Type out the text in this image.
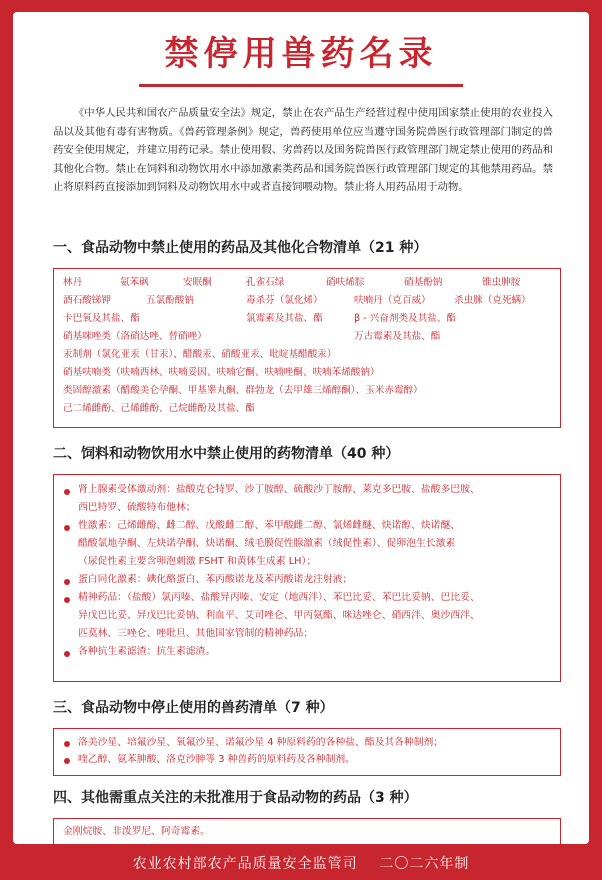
禁停用兽药名录
《中华人民共和国农产品质量安全法》规定，禁止在农产品生产经营过程中使用国家禁止使用的农业投入品以及其他有毒有害物质。《兽药管理条例》规定，兽药使用单位应当遵守国务院兽医行政管理部门制定的兽药安全使用规定，并建立用药记录。禁止使用假、劣兽药以及国务院兽医行政管理部门规定禁止使用的药品和其他化合物。禁止在饲料和动物饮用水中添加激素类药品和国务院兽医行政管理部门规定的其他禁用药品。禁止将原料药直接添加到饲料及动物饮用水中或者直接饲喂动物。禁止将人用药品用于动物。
一、食品动物中禁止使用的药品及其他化合物清单（21 种）
林丹	氨苯砜	安眠酮	孔雀石绿	硝呋烯腙	硝基酚钠	锥虫胂胺
酒石酸锑钾	五氯酚酸钠	毒杀芬（氯化烯）	呋喃丹（克百威） 杀虫脒（克死螨）
卡巴氧及其盐、酯	氯霉素及其盐、酯	β - 兴奋剂类及其盐、酯
硝基咪唑类（洛硝达唑、替硝唑）	万古霉素及其盐、酯
汞制剂（氯化亚汞（甘汞）、醋酸汞、硝酸亚汞、吡啶基醋酸汞）
硝基呋喃类（呋喃西林、呋喃妥因、呋喃它酮、呋喃唑酮、呋喃苯烯酸钠）
类固醇激素（醋酸美仑孕酮、甲基睾丸酮、群勃龙（去甲雄三烯醇酮）、玉米赤霉醇）
己二烯雌酚、己烯雌酚、己烷雌酚及其盐、酯
二、饲料和动物饮用水中禁止使用的药物清单（40 种）
肾上腺素受体激动剂：盐酸克仑特罗、沙丁胺醇、硫酸沙丁胺醇、莱克多巴胺、盐酸多巴胺、
西巴特罗、硫酸特布他林；
性激素：己烯雌酚、雌二醇、戊酸雌二醇、苯甲酸雌二醇、氯烯雌醚、炔诺醇、炔诺醚、
醋酸氯地孕酮、左炔诺孕酮、炔诺酮、绒毛膜促性腺激素（绒促性素）、促卵泡生长激素
（尿促性素主要含卵泡刺激 FSHT 和黄体生成素 LH）；
蛋白同化激素：碘化酪蛋白、苯丙酸诺龙及苯丙酸诺龙注射液；
精神药品：（盐酸）氯丙嗪、盐酸异丙嗪、安定（地西泮）、苯巴比妥、苯巴比妥钠、巴比妥、
异戊巴比妥、异戊巴比妥钠、利血平、艾司唑仑、甲丙氨酯、咪达唑仑、硝西泮、奥沙西泮、
匹莫林、三唑仑、唑吡旦、其他国家管制的精神药品；
各种抗生素滤渣：抗生素滤渣。
三、食品动物中停止使用的兽药清单（7 种）
洛美沙星、培氟沙星、氧氟沙星、诺氟沙星 4 种原料药的各种盐、酯及其各种制剂；
喹乙醇、氨苯胂酸、洛克沙胂等 3 种兽药的原料药及各种制剂。
四、其他需重点关注的未批准用于食品动物的药品（3 种）
金刚烷胺、非泼罗尼、阿奇霉素。
农业农村部农产品质量安全监管司    二〇二六年制
